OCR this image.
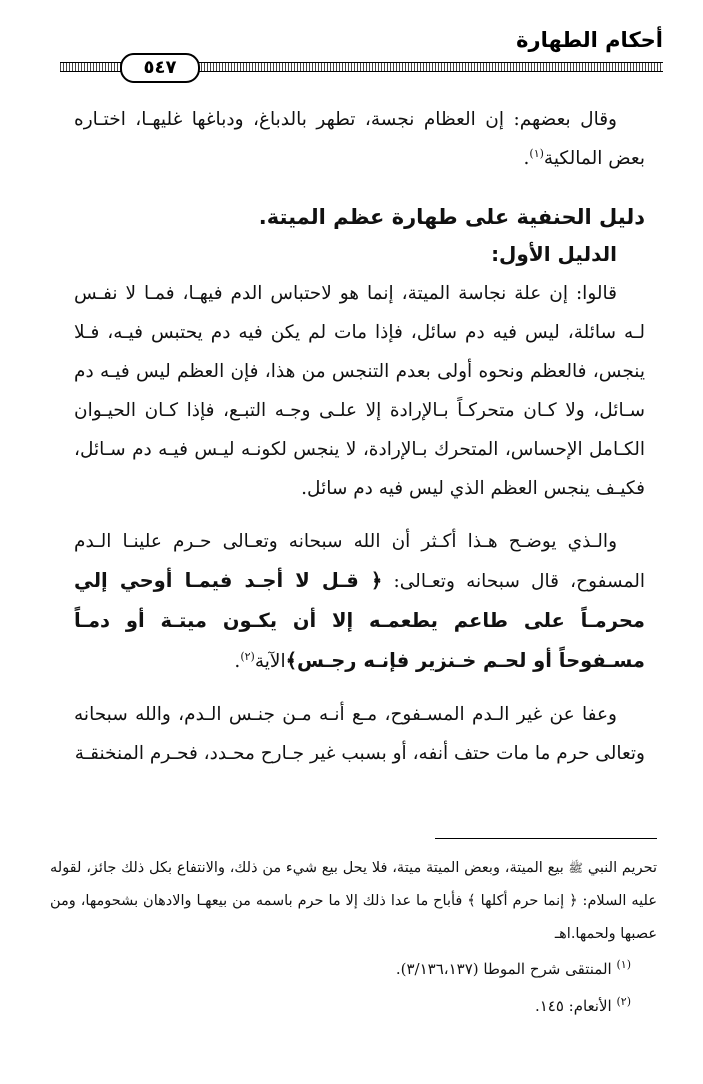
أحكام الطهارة
٥٤٧

وقال بعضهم: إن العظام نجسة، تطهر بالدباغ، ودباغها غليهـا، اختـاره بعض المالكية$^{(١)}$.

دليل الحنفية على طهارة عظم الميتة.

الدليل الأول:

قالوا: إن علة نجاسة الميتة، إنما هو لاحتباس الدم فيهـا، فمـا لا نفـس لـه سائلة، ليس فيه دم سائل، فإذا مات لم يكن فيه دم يحتبس فيـه، فـلا ينجس، فالعظم ونحوه أولى بعدم التنجس من هذا، فإن العظم ليس فيـه دم سـائل، ولا كـان متحركـاً بـالإرادة إلا علـى وجـه التبـع، فإذا كـان الحيـوان الكـامل الإحساس، المتحرك بـالإرادة، لا ينجس لكونـه ليـس فيـه دم سـائل، فكيـف ينجس العظم الذي ليس فيه دم سائل.

والـذي يوضـح هـذا أكـثر أن الله سبحانه وتعـالى حـرم علينـا الـدم المسفوح، قال سبحانه وتعـالى: ﴿ قـل لا أجـد فيمـا أوحي إلي محرمـاً على طاعم يطعمـه إلا أن يكـون ميتـة أو دمـاً مسـفوحاً أو لحـم خـنزير فإنـه رجـس﴾الآية$^{(٢)}$.

وعفا عن غير الـدم المسـفوح، مـع أنـه مـن جنـس الـدم، والله سبحانه وتعالى حرم ما مات حتف أنفه، أو بسبب غير جـارح محـدد، فحـرم المنخنقـة

تحريم النبي ﷺ بيع الميتة، وبعض الميتة ميتة، فلا يحل بيع شيء من ذلك، والانتفاع بكل ذلك جائز، لقوله عليه السلام: ﴿ إنما حرم أكلها ﴾ فأباح ما عدا ذلك إلا ما حرم باسمه من بيعهـا والادهان بشحومها، ومن عصبها ولحمها.اهـ

$^{(١)}$ المنتقى شرح الموطا (٣/١٣٦،١٣٧).

$^{(٢)}$ الأنعام: ١٤٥.
